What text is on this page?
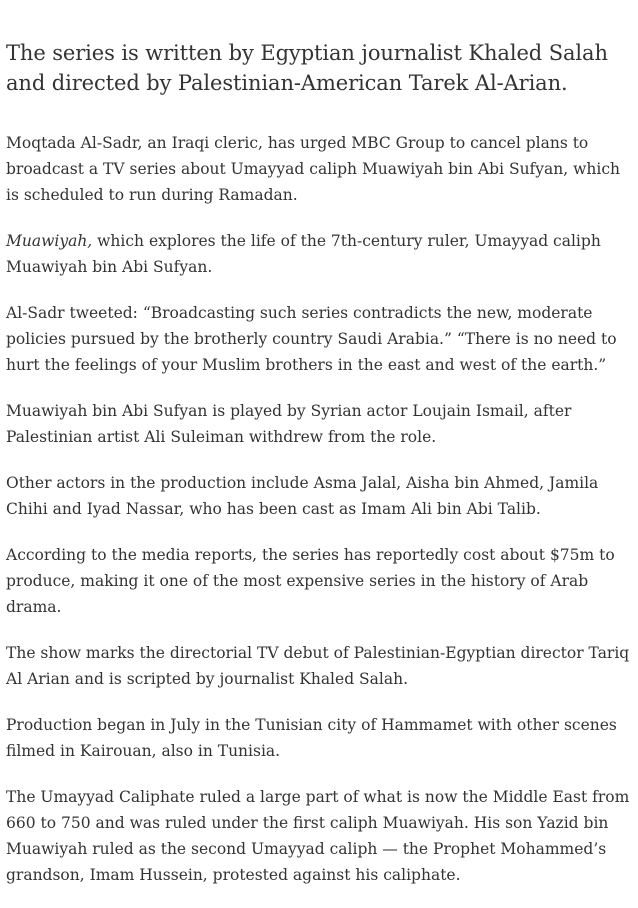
The series is written by Egyptian journalist Khaled Salah and directed by Palestinian-American Tarek Al-Arian.

Moqtada Al-Sadr, an Iraqi cleric, has urged MBC Group to cancel plans to broadcast a TV series about Umayyad caliph Muawiyah bin Abi Sufyan, which is scheduled to run during Ramadan.

Muawiyah, which explores the life of the 7th-century ruler, Umayyad caliph Muawiyah bin Abi Sufyan.

Al-Sadr tweeted: “Broadcasting such series contradicts the new, moderate policies pursued by the brotherly country Saudi Arabia.” “There is no need to hurt the feelings of your Muslim brothers in the east and west of the earth.”

Muawiyah bin Abi Sufyan is played by Syrian actor Loujain Ismail, after Palestinian artist Ali Suleiman withdrew from the role.

Other actors in the production include Asma Jalal, Aisha bin Ahmed, Jamila Chihi and Iyad Nassar, who has been cast as Imam Ali bin Abi Talib.

According to the media reports, the series has reportedly cost about $75m to produce, making it one of the most expensive series in the history of Arab drama.

The show marks the directorial TV debut of Palestinian-Egyptian director Tariq Al Arian and is scripted by journalist Khaled Salah.

Production began in July in the Tunisian city of Hammamet with other scenes filmed in Kairouan, also in Tunisia.

The Umayyad Caliphate ruled a large part of what is now the Middle East from 660 to 750 and was ruled under the first caliph Muawiyah. His son Yazid bin Muawiyah ruled as the second Umayyad caliph — the Prophet Mohammed’s grandson, Imam Hussein, protested against his caliphate.
